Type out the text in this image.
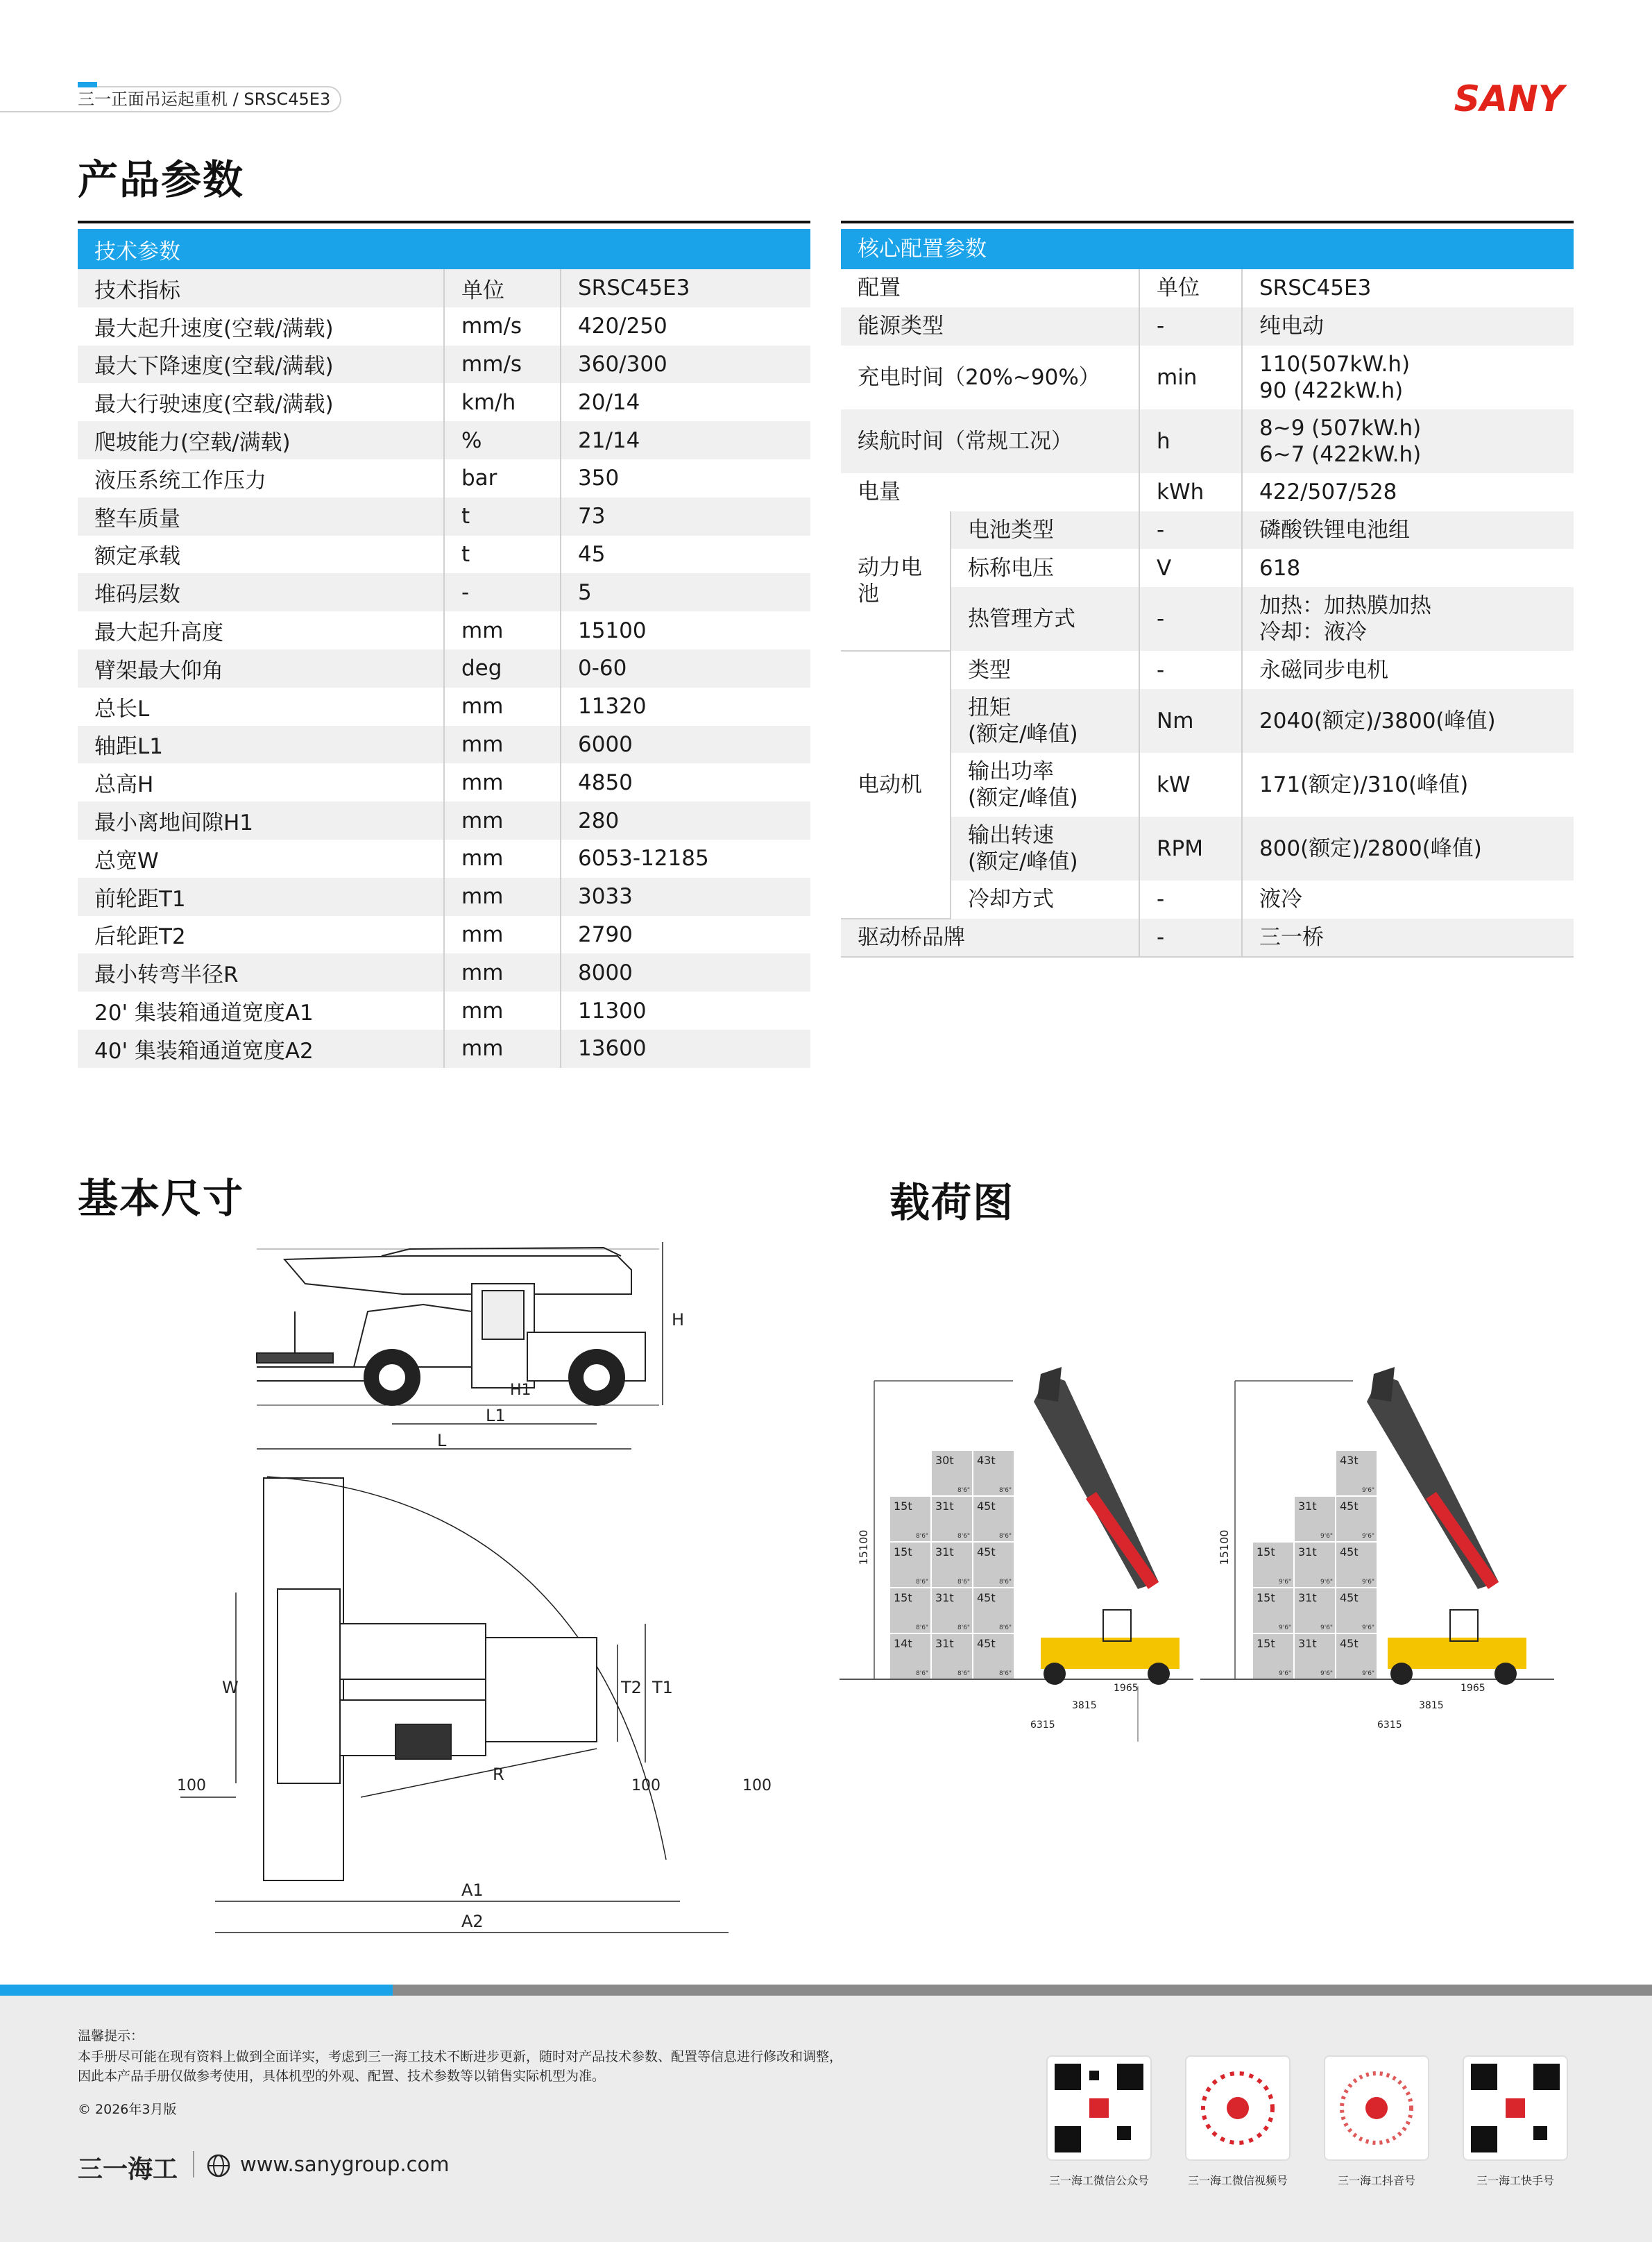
三一正面吊运起重机 / SRSC45E3	SANY
产品参数
技术参数		
技术指标	单位	SRSC45E3
最大起升速度(空载/满载)	mm/s	420/250
最大下降速度(空载/满载)	mm/s	360/300
最大行驶速度(空载/满载)	km/h	20/14
爬坡能力(空载/满载)	%	21/14
液压系统工作压力	bar	350
整车质量	t	73
额定承载	t	45
堆码层数	-	5
最大起升高度	mm	15100
臂架最大仰角	deg	0-60
总长L	mm	11320
轴距L1	mm	6000
总高H	mm	4850
最小离地间隙H1	mm	280
总宽W	mm	6053-12185
前轮距T1	mm	3033
后轮距T2	mm	2790
最小转弯半径R	mm	8000
20' 集装箱通道宽度A1	mm	11300
40' 集装箱通道宽度A2	mm	13600
核心配置参数			
配置		单位	SRSC45E3
能源类型		-	纯电动
充电时间（20%~90%）		min	110(507kW.h)
90 (422kW.h)

续航时间（常规工况）		h	8~9 (507kW.h)
6~7 (422kW.h)

电量		kWh	422/507/528
动力电池	电池类型	-	磷酸铁锂电池组
	标称电压	V	618
	热管理方式	-	加热：加热膜加热
冷却：液冷

电动机	类型	-	永磁同步电机

	扭矩
(额定/峰值)	Nm	2040(额定)/3800(峰值)

	输出功率
(额定/峰值)	kW	171(额定)/310(峰值)

	输出转速
(额定/峰值)	RPM	800(额定)/2800(峰值)
	冷却方式	-	液冷
驱动桥品牌		-	三一桥
基本尺寸	载荷图
H
H1
L1
L
W
R
T1
T2
100	100	100
A1
A2
15100
14t
8'6"
31t
8'6"
45t
8'6"
15t
8'6"
31t
8'6"
45t
8'6"
15t
8'6"
31t
8'6"
45t
8'6"
15t
8'6"
31t
8'6"
45t
8'6"
30t
8'6"
43t
8'6"
1965
3815
6315
15100
15t
9'6"
31t
9'6"
45t
9'6"
15t
9'6"
31t
9'6"
45t
9'6"
15t
9'6"
31t
9'6"
45t
9'6"
31t
9'6"
45t
9'6"
43t
9'6"
1965
3815
6315
温馨提示：
本手册尽可能在现有资料上做到全面详实，考虑到三一海工技术不断进步更新，随时对产品技术参数、配置等信息进行修改和调整，
因此本产品手册仅做参考使用，具体机型的外观、配置、技术参数等以销售实际机型为准。
© 2026年3月版
三一海工	www.sanygroup.com
三一海工微信公众号	三一海工微信视频号	三一海工抖音号	三一海工快手号
